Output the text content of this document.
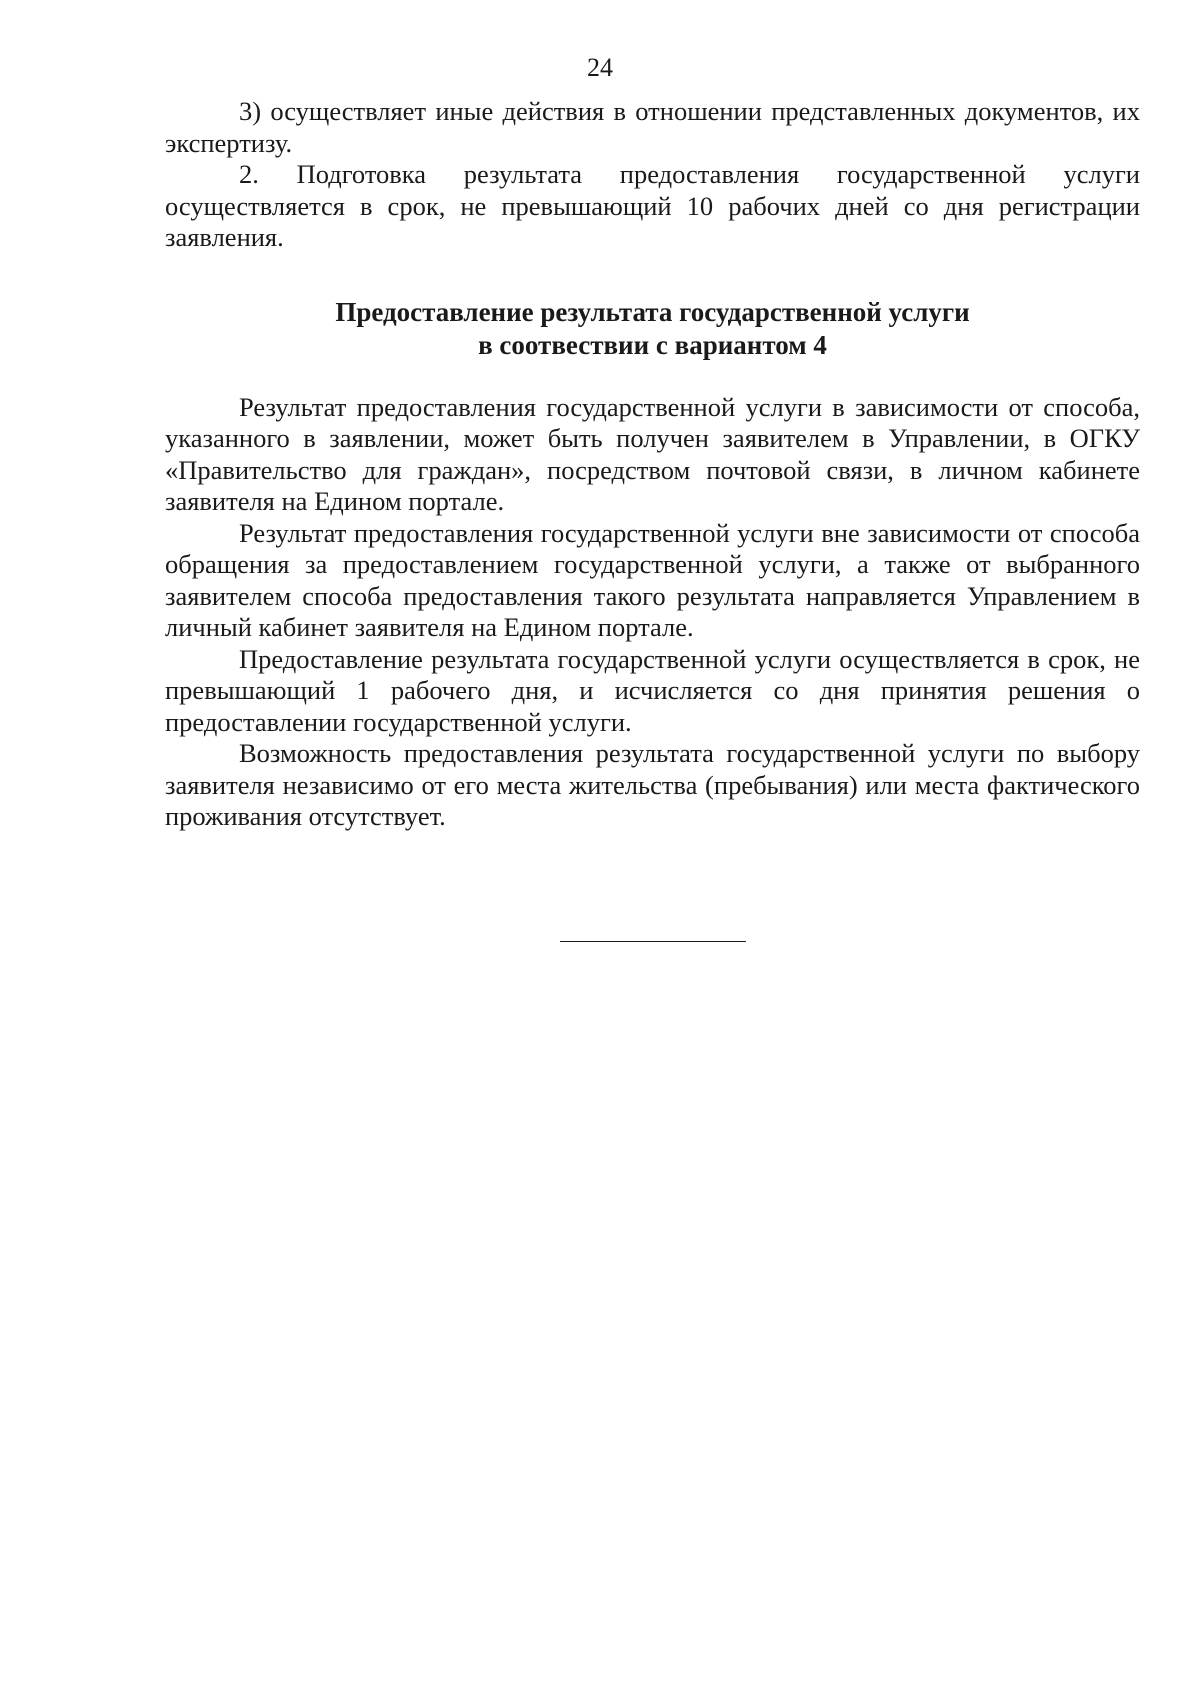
24

3) осуществляет иные действия в отношении представленных документов, их экспертизу.

2. Подготовка результата предоставления государственной услуги осуществляется в срок, не превышающий 10 рабочих дней со дня регистрации заявления.

Предоставление результата государственной услуги
в соотвествии с вариантом 4

Результат предоставления государственной услуги в зависимости от способа, указанного в заявлении, может быть получен заявителем в Управлении, в ОГКУ «Правительство для граждан», посредством почтовой связи, в личном кабинете заявителя на Едином портале.

Результат предоставления государственной услуги вне зависимости от способа обращения за предоставлением государственной услуги, а также от выбранного заявителем способа предоставления такого результата направляется Управлением в личный кабинет заявителя на Едином портале.

Предоставление результата государственной услуги осуществляется в срок, не превышающий 1 рабочего дня, и исчисляется со дня принятия решения о предоставлении государственной услуги.

Возможность предоставления результата государственной услуги по выбору заявителя независимо от его места жительства (пребывания) или места фактического проживания отсутствует.
